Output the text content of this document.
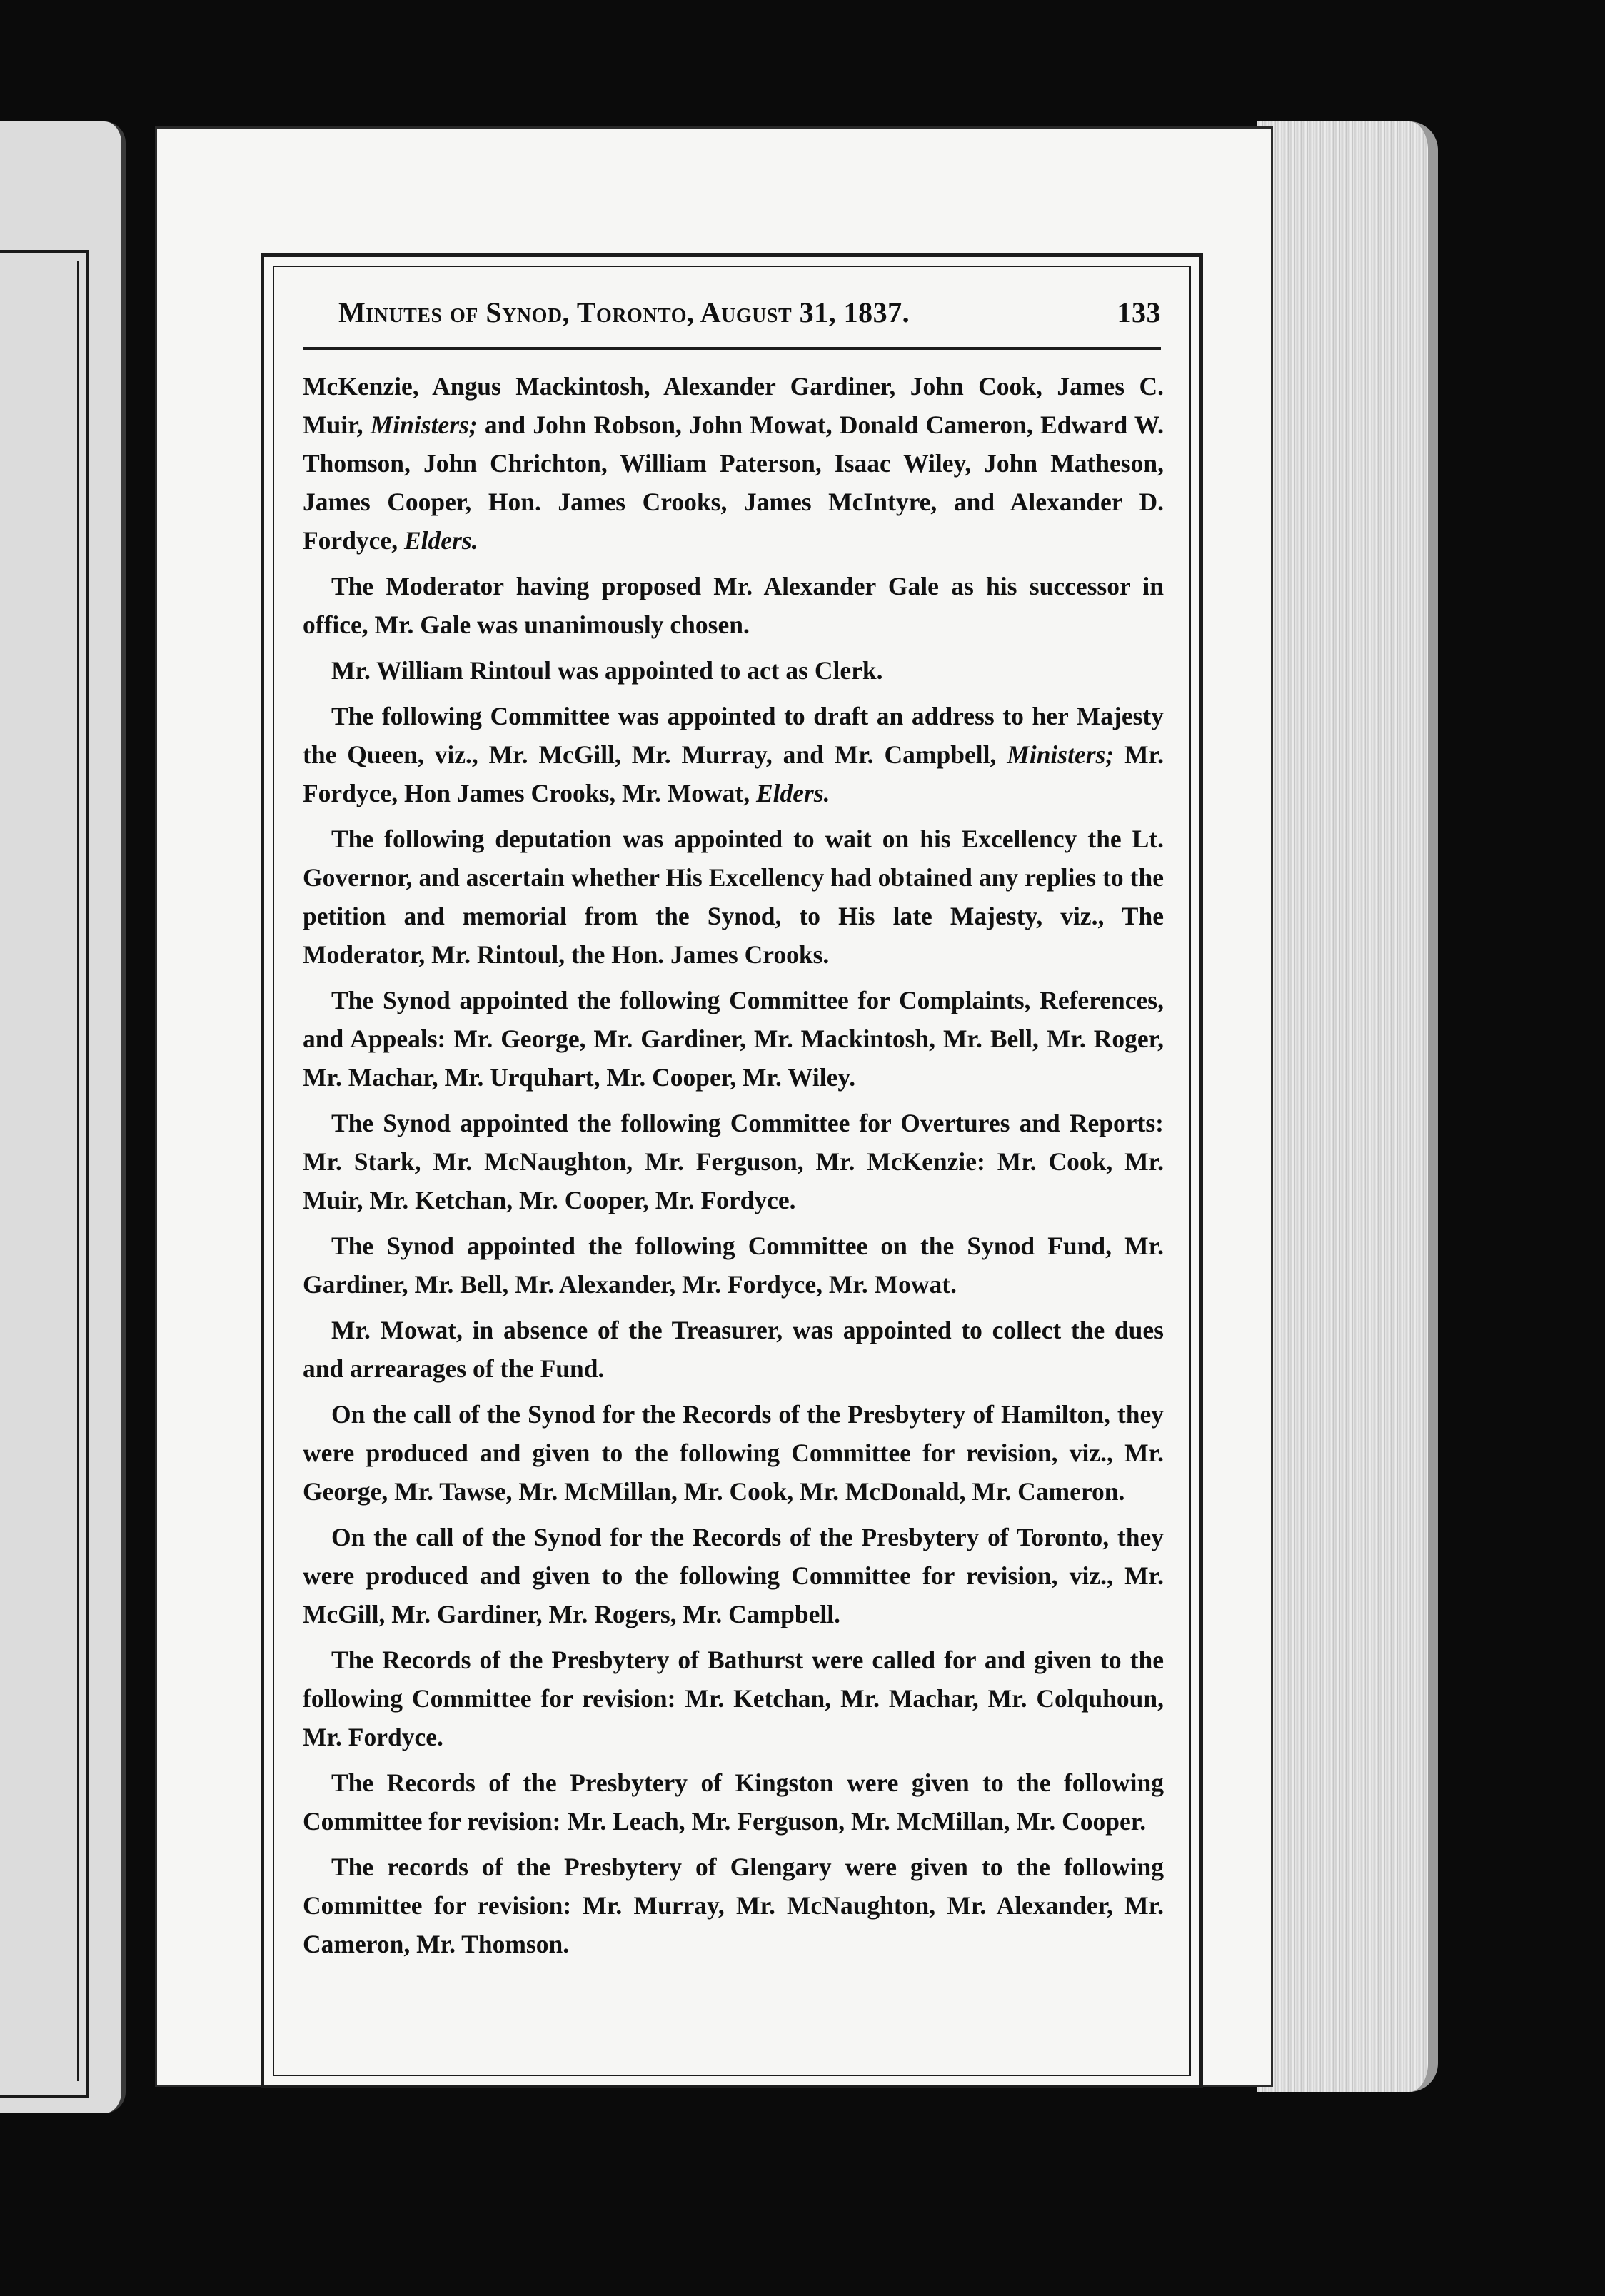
Minutes of Synod, Toronto, August 31, 1837.	133

McKenzie, Angus Mackintosh, Alexander Gardiner, John Cook, James C. Muir, Ministers; and John Robson, John Mowat, Donald Cameron, Edward W. Thomson, John Chrichton, William Paterson, Isaac Wiley, John Matheson, James Cooper, Hon. James Crooks, James McIntyre, and Alexander D. Fordyce, Elders.

The Moderator having proposed Mr. Alexander Gale as his successor in office, Mr. Gale was unanimously chosen.

Mr. William Rintoul was appointed to act as Clerk.

The following Committee was appointed to draft an address to her Majesty the Queen, viz., Mr. McGill, Mr. Murray, and Mr. Campbell, Ministers; Mr. Fordyce, Hon James Crooks, Mr. Mowat, Elders.

The following deputation was appointed to wait on his Excellency the Lt. Governor, and ascertain whether His Excellency had obtained any replies to the petition and memorial from the Synod, to His late Majesty, viz., The Moderator, Mr. Rintoul, the Hon. James Crooks.

The Synod appointed the following Committee for Complaints, References, and Appeals: Mr. George, Mr. Gardiner, Mr. Mackintosh, Mr. Bell, Mr. Roger, Mr. Machar, Mr. Urquhart, Mr. Cooper, Mr. Wiley.

The Synod appointed the following Committee for Overtures and Reports: Mr. Stark, Mr. McNaughton, Mr. Ferguson, Mr. McKenzie: Mr. Cook, Mr. Muir, Mr. Ketchan, Mr. Cooper, Mr. Fordyce.

The Synod appointed the following Committee on the Synod Fund, Mr. Gardiner, Mr. Bell, Mr. Alexander, Mr. Fordyce, Mr. Mowat.

Mr. Mowat, in absence of the Treasurer, was appointed to collect the dues and arrearages of the Fund.

On the call of the Synod for the Records of the Presbytery of Hamilton, they were produced and given to the following Committee for revision, viz., Mr. George, Mr. Tawse, Mr. McMillan, Mr. Cook, Mr. McDonald, Mr. Cameron.

On the call of the Synod for the Records of the Presbytery of Toronto, they were produced and given to the following Committee for revision, viz., Mr. McGill, Mr. Gardiner, Mr. Rogers, Mr. Campbell.

The Records of the Presbytery of Bathurst were called for and given to the following Committee for revision: Mr. Ketchan, Mr. Machar, Mr. Colquhoun, Mr. Fordyce.

The Records of the Presbytery of Kingston were given to the following Committee for revision: Mr. Leach, Mr. Ferguson, Mr. McMillan, Mr. Cooper.

The records of the Presbytery of Glengary were given to the following Committee for revision: Mr. Murray, Mr. McNaughton, Mr. Alexander, Mr. Cameron, Mr. Thomson.
